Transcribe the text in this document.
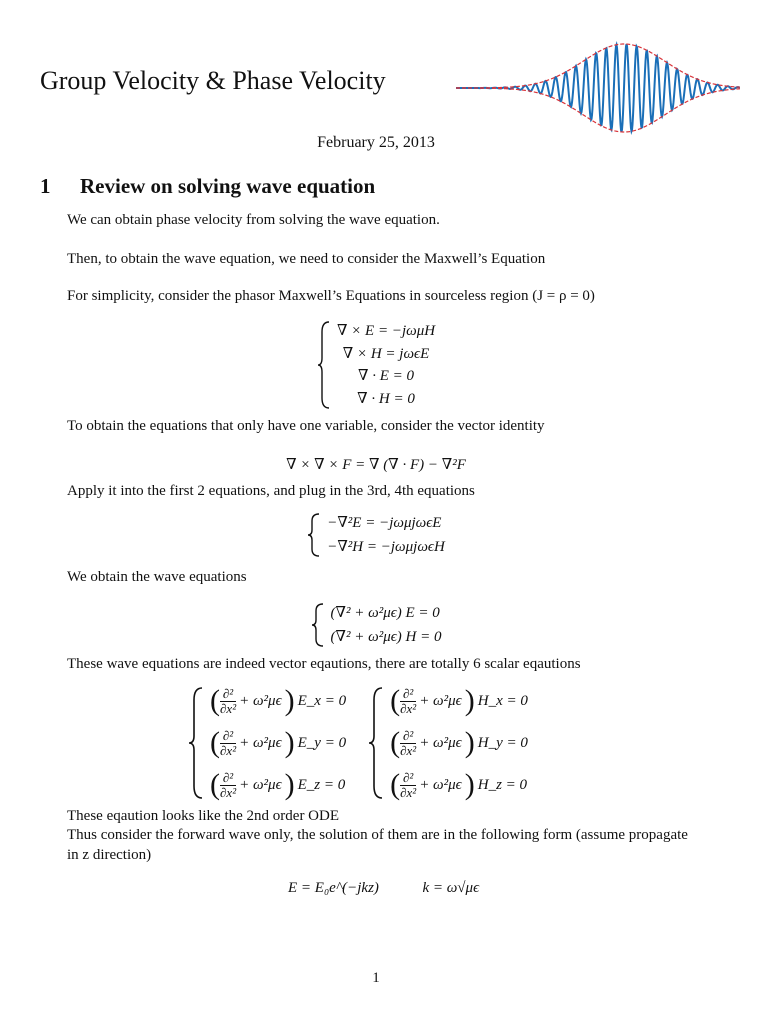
Group Velocity & Phase Velocity
February 25, 2013
1 Review on solving wave equation
We can obtain phase velocity from solving the wave equation.
Then, to obtain the wave equation, we need to consider the Maxwell’s Equation
For simplicity, consider the phasor Maxwell’s Equations in sourceless region (J = ρ = 0)
∇ × E = −jωμH
∇ × H = jωϵE
∇ · E = 0
∇ · H = 0
To obtain the equations that only have one variable, consider the vector identity
∇ × ∇ × F = ∇ (∇ · F) − ∇²F
Apply it into the first 2 equations, and plug in the 3rd, 4th equations
−∇²E = −jωμjωϵE
−∇²H = −jωμjωϵH
We obtain the wave equations
(∇² + ω²μϵ) E = 0
(∇² + ω²μϵ) H = 0
These wave equations are indeed vector eqautions, there are totally 6 scalar eqautions
( $\frac{\text{∂²}}{\text{∂x²}} + \omega^2\mu\epsilon$ ) E_x = 0
( $\frac{\text{∂²}}{\text{∂x²}} + \omega^2\mu\epsilon$ ) E_y = 0
( $\frac{\text{∂²}}{\text{∂x²}} + \omega^2\mu\epsilon$ ) E_z = 0
( $\frac{\text{∂²}}{\text{∂x²}} + \omega^2\mu\epsilon$ ) H_x = 0
( $\frac{\text{∂²}}{\text{∂x²}} + \omega^2\mu\epsilon$ ) H_y = 0
( $\frac{\text{∂²}}{\text{∂x²}} + \omega^2\mu\epsilon$ ) H_z = 0
These eqaution looks like the 2nd order ODE
Thus consider the forward wave only, the solution of them are in the following form (assume propagate
in z direction)
E = E₀e^(−jkz)	k = ω√μϵ
1
